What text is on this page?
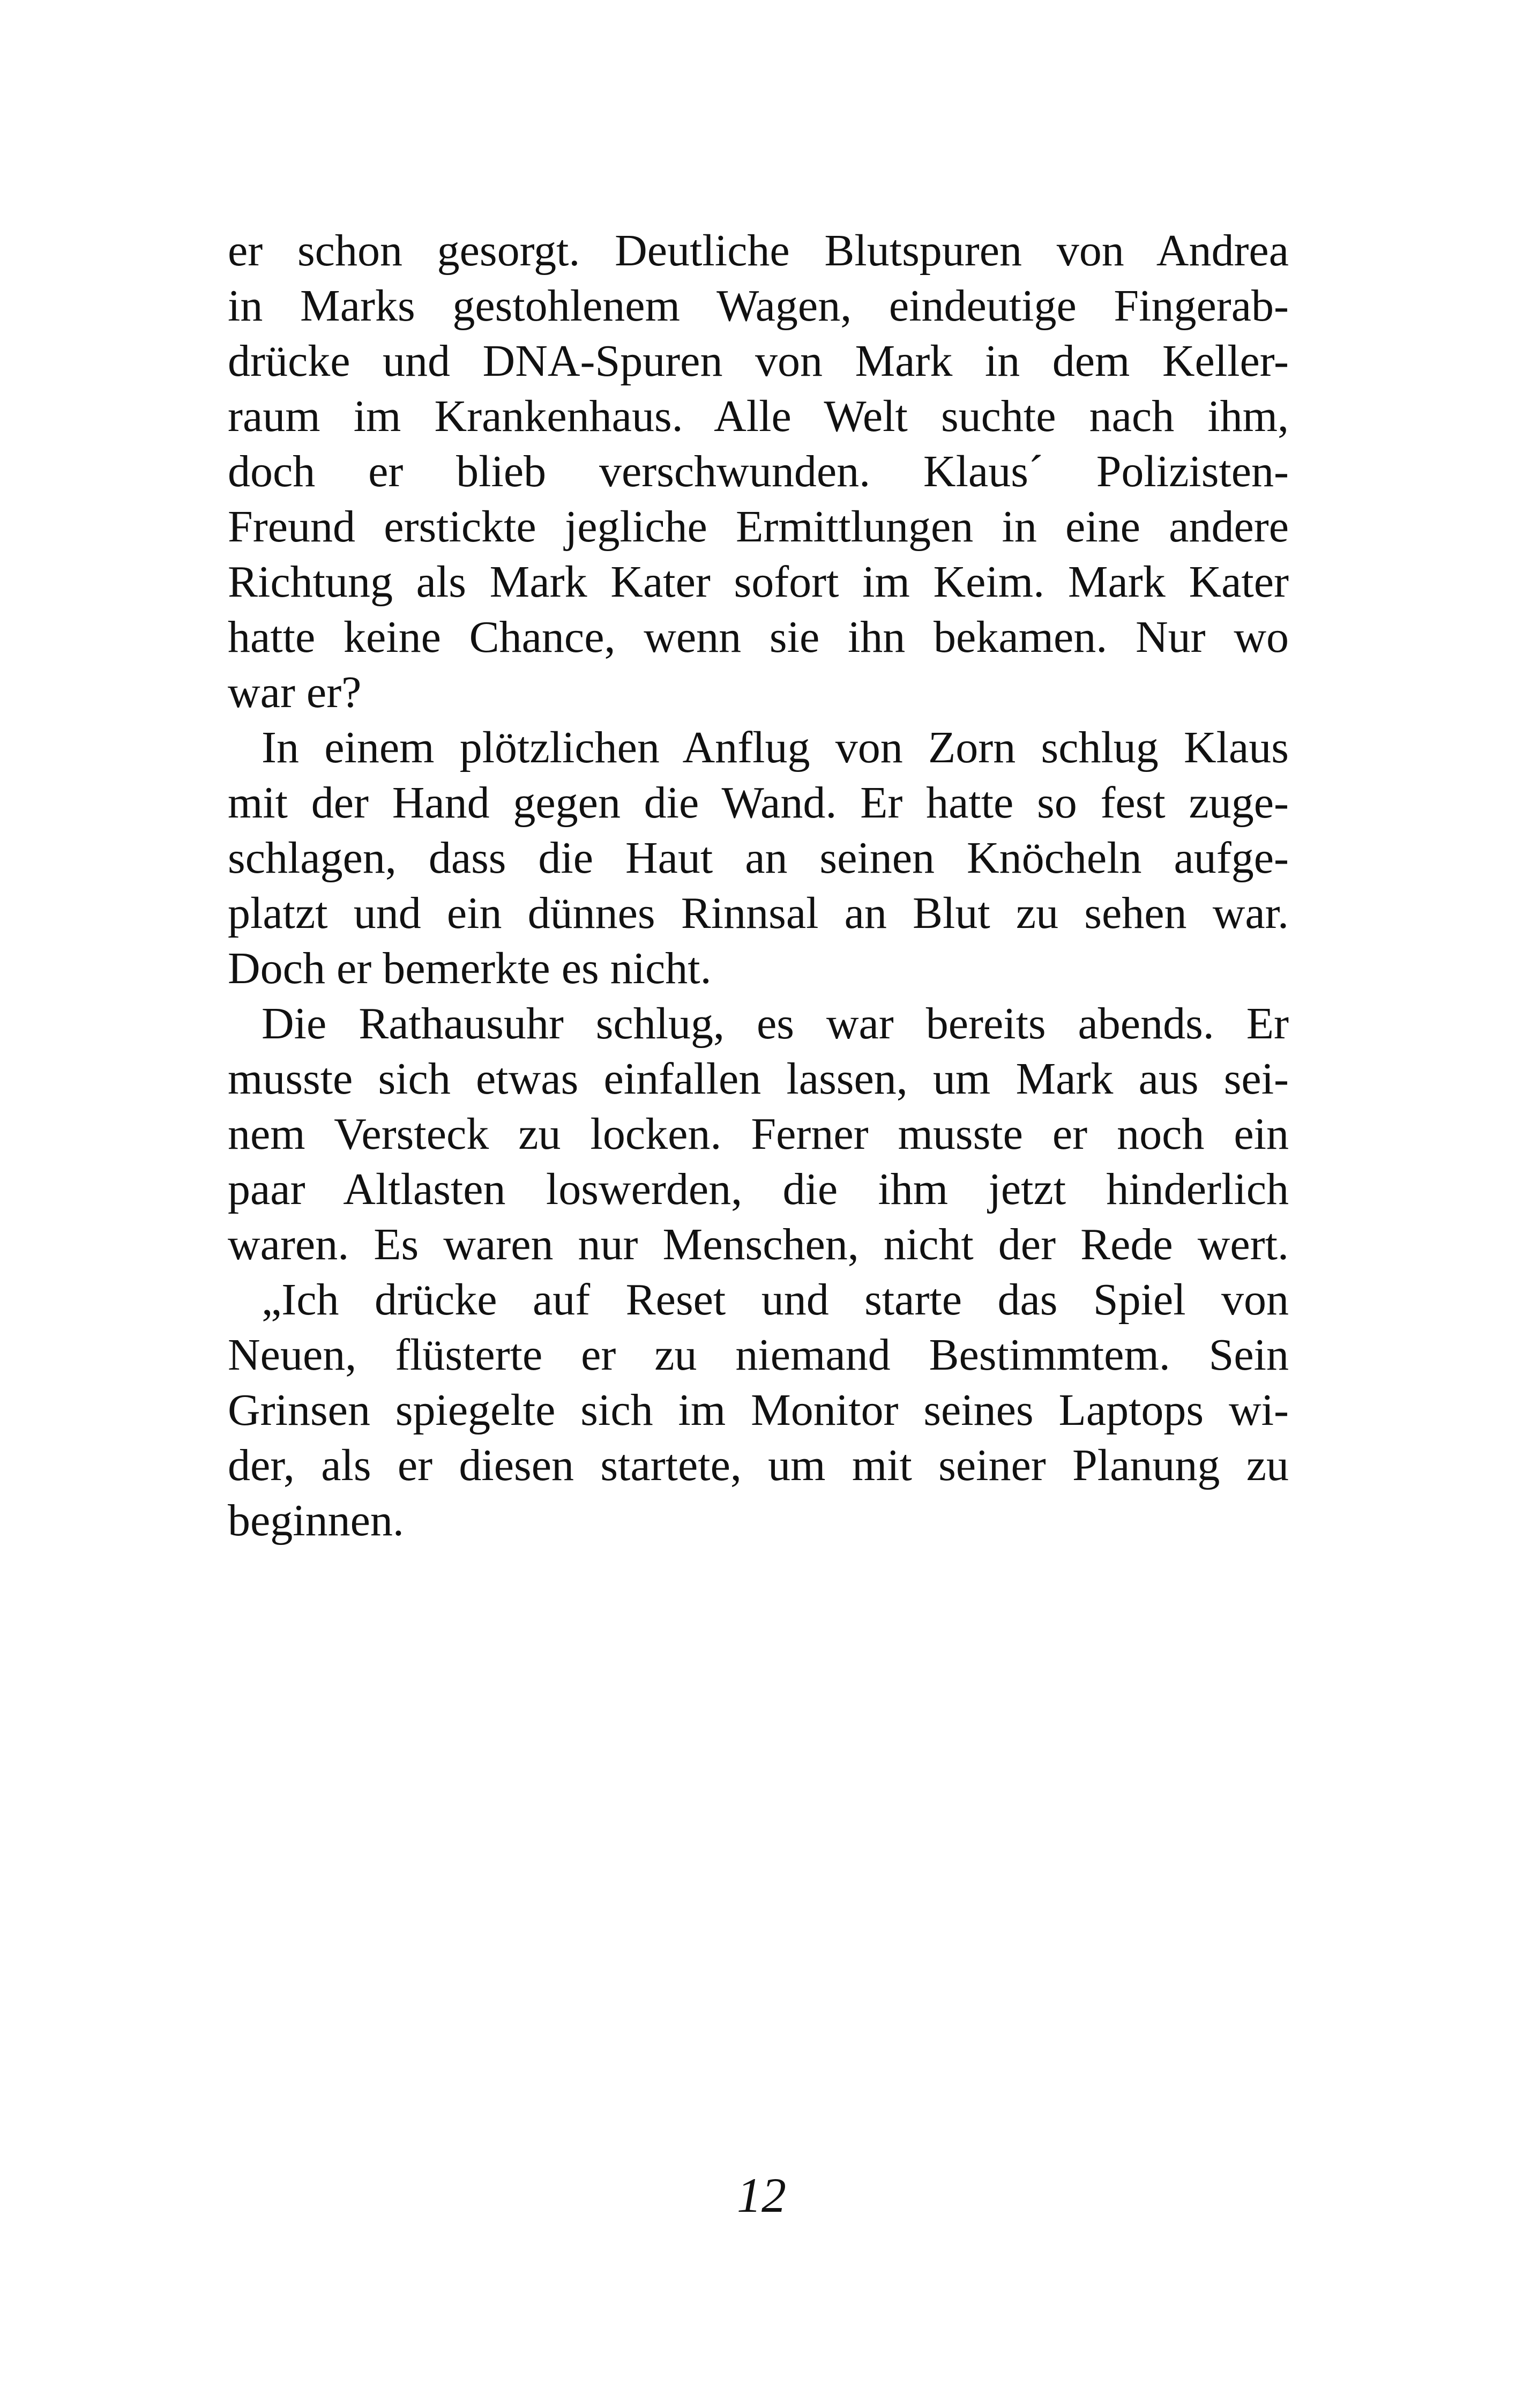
er schon gesorgt. Deutliche Blutspuren von Andrea
in Marks gestohlenem Wagen, eindeutige Fingerab-
drücke und DNA-Spuren von Mark in dem Keller-
raum im Krankenhaus. Alle Welt suchte nach ihm,
doch er blieb verschwunden. Klaus´ Polizisten-
Freund erstickte jegliche Ermittlungen in eine andere
Richtung als Mark Kater sofort im Keim. Mark Kater
hatte keine Chance, wenn sie ihn bekamen. Nur wo
war er?
In einem plötzlichen Anflug von Zorn schlug Klaus
mit der Hand gegen die Wand. Er hatte so fest zuge-
schlagen, dass die Haut an seinen Knöcheln aufge-
platzt und ein dünnes Rinnsal an Blut zu sehen war.
Doch er bemerkte es nicht.
Die Rathausuhr schlug, es war bereits abends. Er
musste sich etwas einfallen lassen, um Mark aus sei-
nem Versteck zu locken. Ferner musste er noch ein
paar Altlasten loswerden, die ihm jetzt hinderlich
waren. Es waren nur Menschen, nicht der Rede wert.
„Ich drücke auf Reset und starte das Spiel von
Neuen, flüsterte er zu niemand Bestimmtem. Sein
Grinsen spiegelte sich im Monitor seines Laptops wi-
der, als er diesen startete, um mit seiner Planung zu
beginnen.
12
